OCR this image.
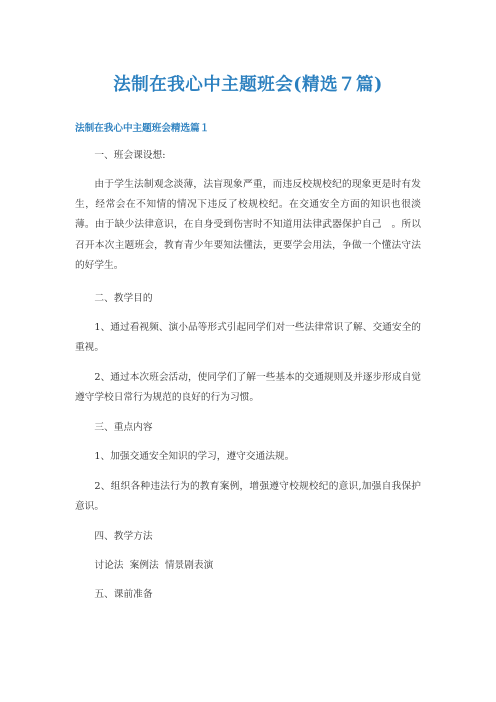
法制在我心中主题班会(精选７篇)
法制在我心中主题班会精选篇１

一、班会课设想:

由于学生法制观念淡薄，法盲现象严重，而违反校规校纪的现象更是时有发生，经常会在不知情的情况下违反了校规校纪。在交通安全方面的知识也很淡薄。由于缺少法律意识，在自身受到伤害时不知道用法律武器保护自己　。所以召开本次主题班会，教育青少年要知法懂法，更要学会用法，争做一个懂法守法的好学生。

二、教学目的

1、通过看视频、演小品等形式引起同学们对一些法律常识了解、交通安全的重视。

2、通过本次班会活动，使同学们了解一些基本的交通规则及并逐步形成自觉遵守学校日常行为规范的良好的行为习惯。

三、重点内容

1、加强交通安全知识的学习，遵守交通法规。

2、组织各种违法行为的教育案例，增强遵守校规校纪的意识,加强自我保护意识。

四、教学方法

讨论法  案例法  情景剧表演

五、课前准备
